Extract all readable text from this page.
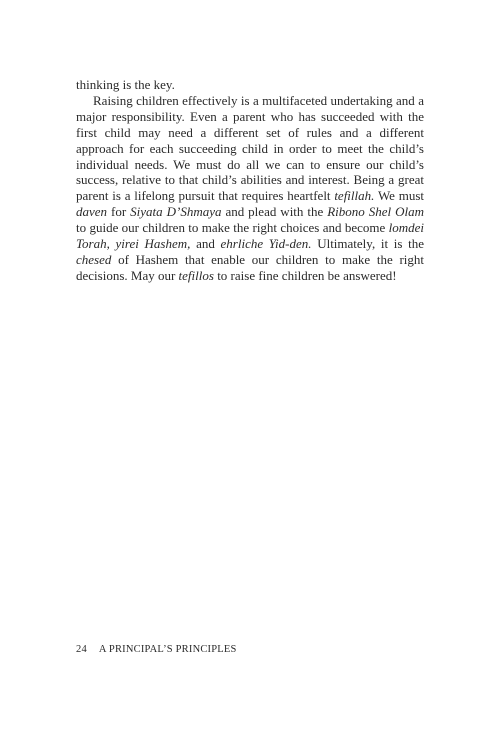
thinking is the key.

Raising children effectively is a multifaceted undertaking and a major responsibility. Even a parent who has succeeded with the first child may need a different set of rules and a different approach for each succeeding child in order to meet the child’s individual needs. We must do all we can to ensure our child’s success, relative to that child’s abilities and interest. Being a great parent is a lifelong pursuit that requires heartfelt tefillah. We must daven for Siyata D’Shmaya and plead with the Ribono Shel Olam to guide our children to make the right choices and become lomdei Torah, yirei Hashem, and ehrliche Yid-den. Ultimately, it is the chesed of Hashem that enable our children to make the right decisions. May our tefillos to raise fine children be answered!

24 A PRINCIPAL’S PRINCIPLES
